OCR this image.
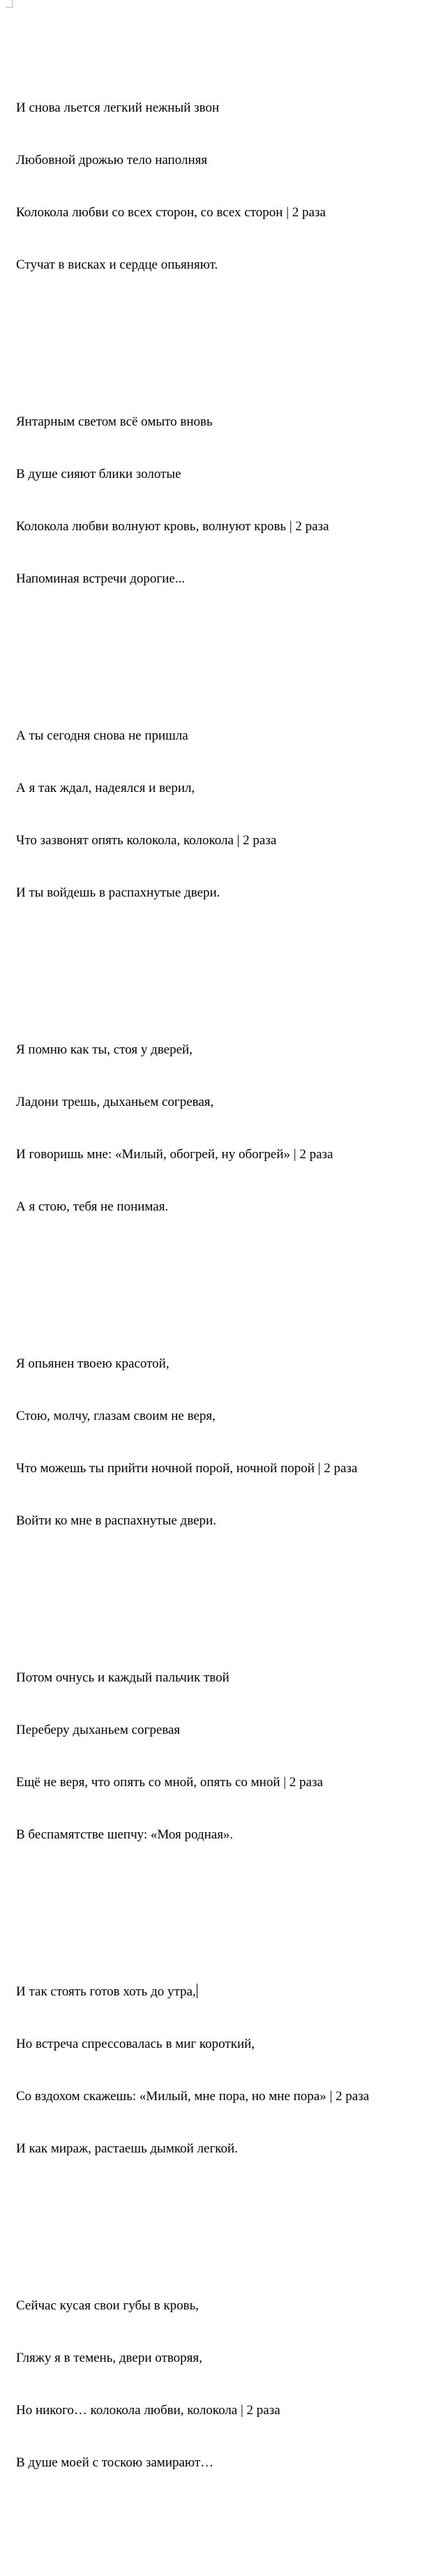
И снова льется легкий нежный звон

Любовной дрожью тело наполняя

Колокола любви со всех сторон, со всех сторон | 2 раза

Стучат в висках и сердце опьяняют.

Янтарным светом всё омыто вновь

В душе сияют блики золотые

Колокола любви волнуют кровь, волнуют кровь | 2 раза

Напоминая встречи дорогие...

А ты сегодня снова не пришла

А я так ждал, надеялся и верил,

Что зазвонят опять колокола, колокола | 2 раза

И ты войдешь в распахнутые двери.

Я помню как ты, стоя у дверей,

Ладони трешь, дыханьем согревая,

И говоришь мне: «Милый, обогрей, ну обогрей» | 2 раза

А я стою, тебя не понимая.

Я опьянен твоею красотой,

Стою, молчу, глазам своим не веря,

Что можешь ты прийти ночной порой, ночной порой | 2 раза

Войти ко мне в распахнутые двери.

Потом очнусь и каждый пальчик твой

Переберу дыханьем согревая

Ещё не веря, что опять со мной, опять со мной | 2 раза

В беспамятстве шепчу: «Моя родная».

И так стоять готов хоть до утра,

Но встреча спрессовалась в миг короткий,

Со вздохом скажешь: «Милый, мне пора, но мне пора» | 2 раза

И как мираж, растаешь дымкой легкой.

Сейчас кусая свои губы в кровь,

Гляжу я в темень, двери отворяя,

Но никого… колокола любви, колокола | 2 раза

В душе моей с тоскою замирают…
